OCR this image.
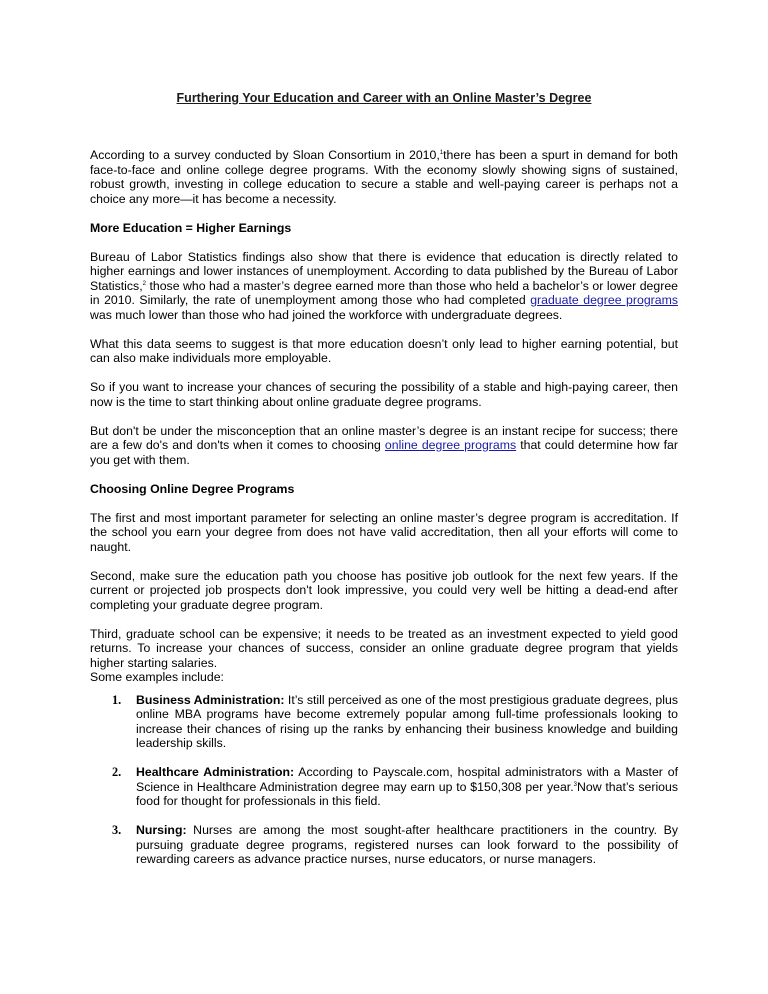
Furthering Your Education and Career with an Online Master’s Degree

According to a survey conducted by Sloan Consortium in 2010,$^1$there has been a spurt in demand for both face-to-face and online college degree programs. With the economy slowly showing signs of sustained, robust growth, investing in college education to secure a stable and well-paying career is perhaps not a choice any more—it has become a necessity.

More Education = Higher Earnings

Bureau of Labor Statistics findings also show that there is evidence that education is directly related to higher earnings and lower instances of unemployment. According to data published by the Bureau of Labor Statistics,$^2$ those who had a master’s degree earned more than those who held a bachelor’s or lower degree in 2010. Similarly, the rate of unemployment among those who had completed graduate degree programs was much lower than those who had joined the workforce with undergraduate degrees.

What this data seems to suggest is that more education doesn’t only lead to higher earning potential, but can also make individuals more employable.

So if you want to increase your chances of securing the possibility of a stable and high-paying career, then now is the time to start thinking about online graduate degree programs.

But don't be under the misconception that an online master’s degree is an instant recipe for success; there are a few do's and don'ts when it comes to choosing online degree programs that could determine how far you get with them.

Choosing Online Degree Programs

The first and most important parameter for selecting an online master’s degree program is accreditation. If the school you earn your degree from does not have valid accreditation, then all your efforts will come to naught.

Second, make sure the education path you choose has positive job outlook for the next few years. If the current or projected job prospects don't look impressive, you could very well be hitting a dead-end after completing your graduate degree program.

Third, graduate school can be expensive; it needs to be treated as an investment expected to yield good returns. To increase your chances of success, consider an online graduate degree program that yields higher starting salaries.

Some examples include:

1. Business Administration: It’s still perceived as one of the most prestigious graduate degrees, plus online MBA programs have become extremely popular among full-time professionals looking to increase their chances of rising up the ranks by enhancing their business knowledge and building leadership skills.
2. Healthcare Administration: According to Payscale.com, hospital administrators with a Master of Science in Healthcare Administration degree may earn up to $150,308 per year.$^3$Now that’s serious food for thought for professionals in this field.
3. Nursing: Nurses are among the most sought-after healthcare practitioners in the country. By pursuing graduate degree programs, registered nurses can look forward to the possibility of rewarding careers as advance practice nurses, nurse educators, or nurse managers.
